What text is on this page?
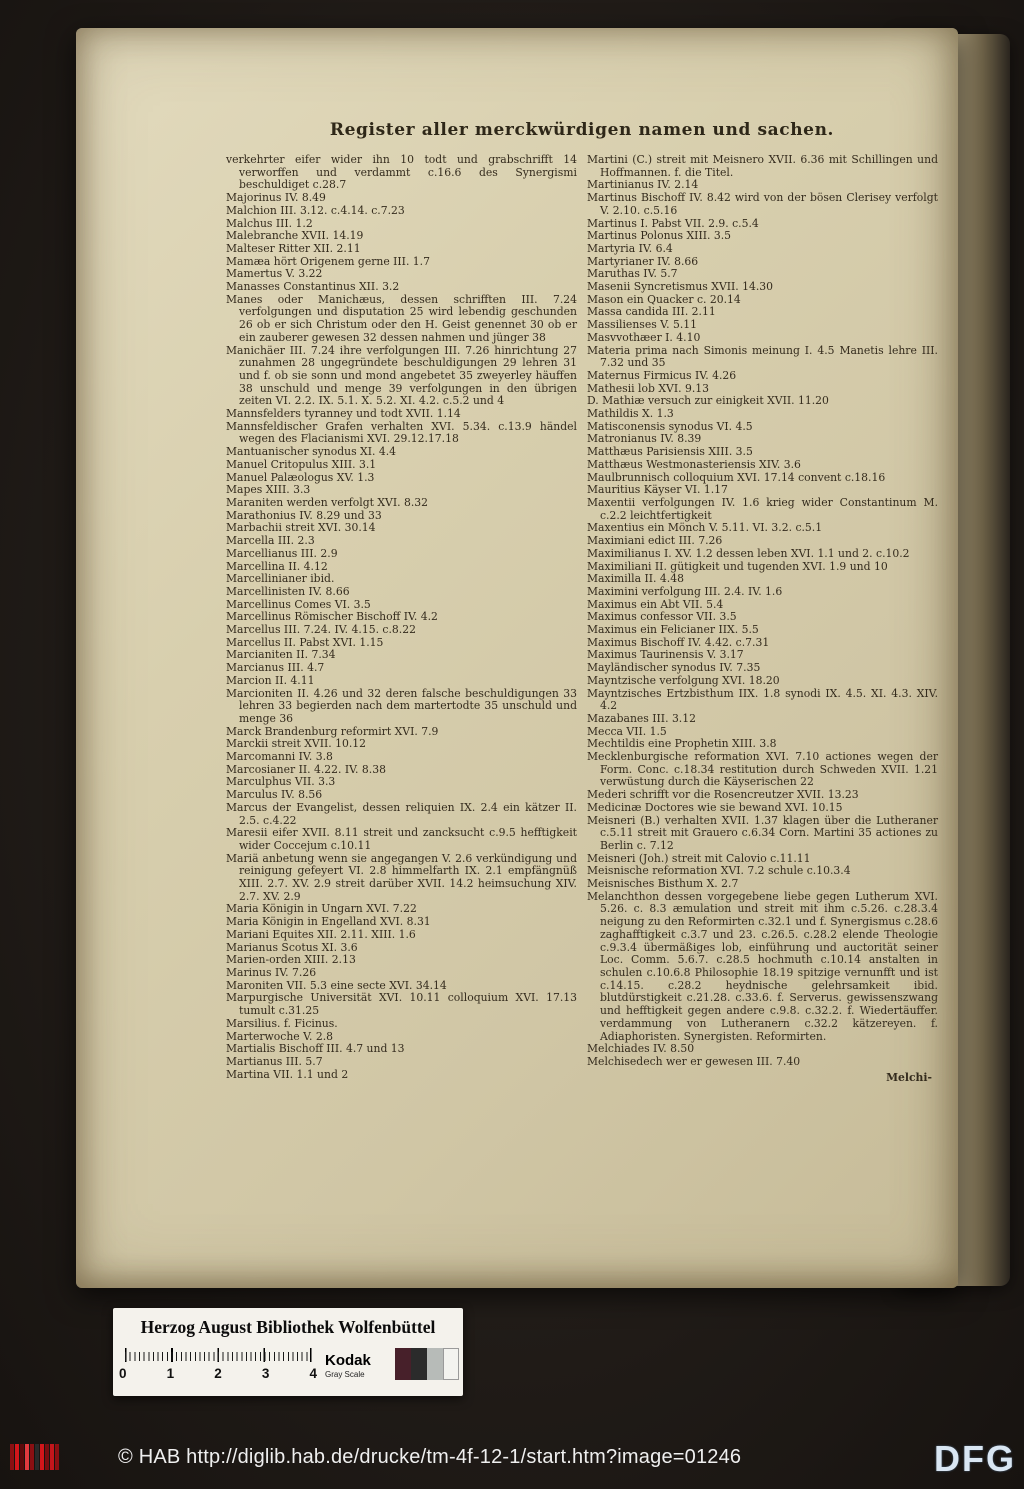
Register aller merckwürdigen namen und sachen.

verkehrter eifer wider ihn 10 todt und grabschrifft 14 verworffen und verdammt c.16.6 des Synergismi beschuldiget c.28.7

Majorinus IV. 8.49

Malchion III. 3.12. c.4.14. c.7.23

Malchus III. 1.2

Malebranche XVII. 14.19

Malteser Ritter XII. 2.11

Mamæa hört Origenem gerne III. 1.7

Mamertus V. 3.22

Manasses Constantinus XII. 3.2

Manes oder Manichæus, dessen schrifften III. 7.24 verfolgungen und disputation 25 wird lebendig geschunden 26 ob er sich Christum oder den H. Geist genennet 30 ob er ein zauberer gewesen 32 dessen nahmen und jünger 38

Manichäer III. 7.24 ihre verfolgungen III. 7.26 hinrichtung 27 zunahmen 28 ungegründete beschuldigungen 29 lehren 31 und f. ob sie sonn und mond angebetet 35 zweyerley häuffen 38 unschuld und menge 39 verfolgungen in den übrigen zeiten VI. 2.2. IX. 5.1. X. 5.2. XI. 4.2. c.5.2 und 4

Mannsfelders tyranney und todt XVII. 1.14

Mannsfeldischer Grafen verhalten XVI. 5.34. c.13.9 händel wegen des Flacianismi XVI. 29.12.17.18

Mantuanischer synodus XI. 4.4

Manuel Critopulus XIII. 3.1

Manuel Palæologus XV. 1.3

Mapes XIII. 3.3

Maraniten werden verfolgt XVI. 8.32

Marathonius IV. 8.29 und 33

Marbachii streit XVI. 30.14

Marcella III. 2.3

Marcellianus III. 2.9

Marcellina II. 4.12

Marcellinianer ibid.

Marcellinisten IV. 8.66

Marcellinus Comes VI. 3.5

Marcellinus Römischer Bischoff IV. 4.2

Marcellus III. 7.24. IV. 4.15. c.8.22

Marcellus II. Pabst XVI. 1.15

Marcianiten II. 7.34

Marcianus III. 4.7

Marcion II. 4.11

Marcioniten II. 4.26 und 32 deren falsche beschuldigungen 33 lehren 33 begierden nach dem martertodte 35 unschuld und menge 36

Marck Brandenburg reformirt XVI. 7.9

Marckii streit XVII. 10.12

Marcomanni IV. 3.8

Marcosianer II. 4.22. IV. 8.38

Marculphus VII. 3.3

Marculus IV. 8.56

Marcus der Evangelist, dessen reliquien IX. 2.4 ein kätzer II. 2.5. c.4.22

Maresii eifer XVII. 8.11 streit und zancksucht c.9.5 hefftigkeit wider Coccejum c.10.11

Mariä anbetung wenn sie angegangen V. 2.6 verkündigung und reinigung gefeyert VI. 2.8 himmelfarth IX. 2.1 empfängnüß XIII. 2.7. XV. 2.9 streit darüber XVII. 14.2 heimsuchung XIV. 2.7. XV. 2.9

Maria Königin in Ungarn XVI. 7.22

Maria Königin in Engelland XVI. 8.31

Mariani Equites XII. 2.11. XIII. 1.6

Marianus Scotus XI. 3.6

Marien-orden XIII. 2.13

Marinus IV. 7.26

Maroniten VII. 5.3 eine secte XVI. 34.14

Marpurgische Universität XVI. 10.11 colloquium XVI. 17.13 tumult c.31.25

Marsilius. f. Ficinus.

Marterwoche V. 2.8

Martialis Bischoff III. 4.7 und 13

Martianus III. 5.7

Martina VII. 1.1 und 2

Martini (C.) streit mit Meisnero XVII. 6.36 mit Schillingen und Hoffmannen. f. die Titel.

Martinianus IV. 2.14

Martinus Bischoff IV. 8.42 wird von der bösen Clerisey verfolgt V. 2.10. c.5.16

Martinus I. Pabst VII. 2.9. c.5.4

Martinus Polonus XIII. 3.5

Martyria IV. 6.4

Martyrianer IV. 8.66

Maruthas IV. 5.7

Masenii Syncretismus XVII. 14.30

Mason ein Quacker c. 20.14

Massa candida III. 2.11

Massilienses V. 5.11

Masvvothæer I. 4.10

Materia prima nach Simonis meinung I. 4.5 Manetis lehre III. 7.32 und 35

Maternus Firmicus IV. 4.26

Mathesii lob XVI. 9.13

D. Mathiæ versuch zur einigkeit XVII. 11.20

Mathildis X. 1.3

Matisconensis synodus VI. 4.5

Matronianus IV. 8.39

Matthæus Parisiensis XIII. 3.5

Matthæus Westmonasteriensis XIV. 3.6

Maulbrunnisch colloquium XVI. 17.14 convent c.18.16

Mauritius Käyser VI. 1.17

Maxentii verfolgungen IV. 1.6 krieg wider Constantinum M. c.2.2 leichtfertigkeit

Maxentius ein Mönch V. 5.11. VI. 3.2. c.5.1

Maximiani edict III. 7.26

Maximilianus I. XV. 1.2 dessen leben XVI. 1.1 und 2. c.10.2

Maximiliani II. gütigkeit und tugenden XVI. 1.9 und 10

Maximilla II. 4.48

Maximini verfolgung III. 2.4. IV. 1.6

Maximus ein Abt VII. 5.4

Maximus confessor VII. 3.5

Maximus ein Felicianer IIX. 5.5

Maximus Bischoff IV. 4.42. c.7.31

Maximus Taurinensis V. 3.17

Mayländischer synodus IV. 7.35

Mayntzische verfolgung XVI. 18.20

Mayntzisches Ertzbisthum IIX. 1.8 synodi IX. 4.5. XI. 4.3. XIV. 4.2

Mazabanes III. 3.12

Mecca VII. 1.5

Mechtildis eine Prophetin XIII. 3.8

Mecklenburgische reformation XVI. 7.10 actiones wegen der Form. Conc. c.18.34 restitution durch Schweden XVII. 1.21 verwüstung durch die Käyserischen 22

Mederi schrifft vor die Rosencreutzer XVII. 13.23

Medicinæ Doctores wie sie bewand XVI. 10.15

Meisneri (B.) verhalten XVII. 1.37 klagen über die Lutheraner c.5.11 streit mit Grauero c.6.34 Corn. Martini 35 actiones zu Berlin c. 7.12

Meisneri (Joh.) streit mit Calovio c.11.11

Meisnische reformation XVI. 7.2 schule c.10.3.4

Meisnisches Bisthum X. 2.7

Melanchthon dessen vorgegebene liebe gegen Lutherum XVI. 5.26. c. 8.3 æmulation und streit mit ihm c.5.26. c.28.3.4 neigung zu den Reformirten c.32.1 und f. Synergismus c.28.6 zaghafftigkeit c.3.7 und 23. c.26.5. c.28.2 elende Theologie c.9.3.4 übermäßiges lob, einführung und auctorität seiner Loc. Comm. 5.6.7. c.28.5 hochmuth c.10.14 anstalten in schulen c.10.6.8 Philosophie 18.19 spitzige vernunfft und ist c.14.15. c.28.2 heydnische gelehrsamkeit ibid. blutdürstigkeit c.21.28. c.33.6. f. Serverus. gewissenszwang und hefftigkeit gegen andere c.9.8. c.32.2. f. Wiedertäuffer. verdammung von Lutheranern c.32.2 kätzereyen. f. Adiaphoristen. Synergisten. Reformirten.

Melchiades IV. 8.50

Melchisedech wer er gewesen III. 7.40

Melchi-

Herzog August Bibliothek Wolfenbüttel
0	1	2	3	4
Kodak
Gray Scale
© HAB http://diglib.hab.de/drucke/tm-4f-12-1/start.htm?image=01246	DFG
